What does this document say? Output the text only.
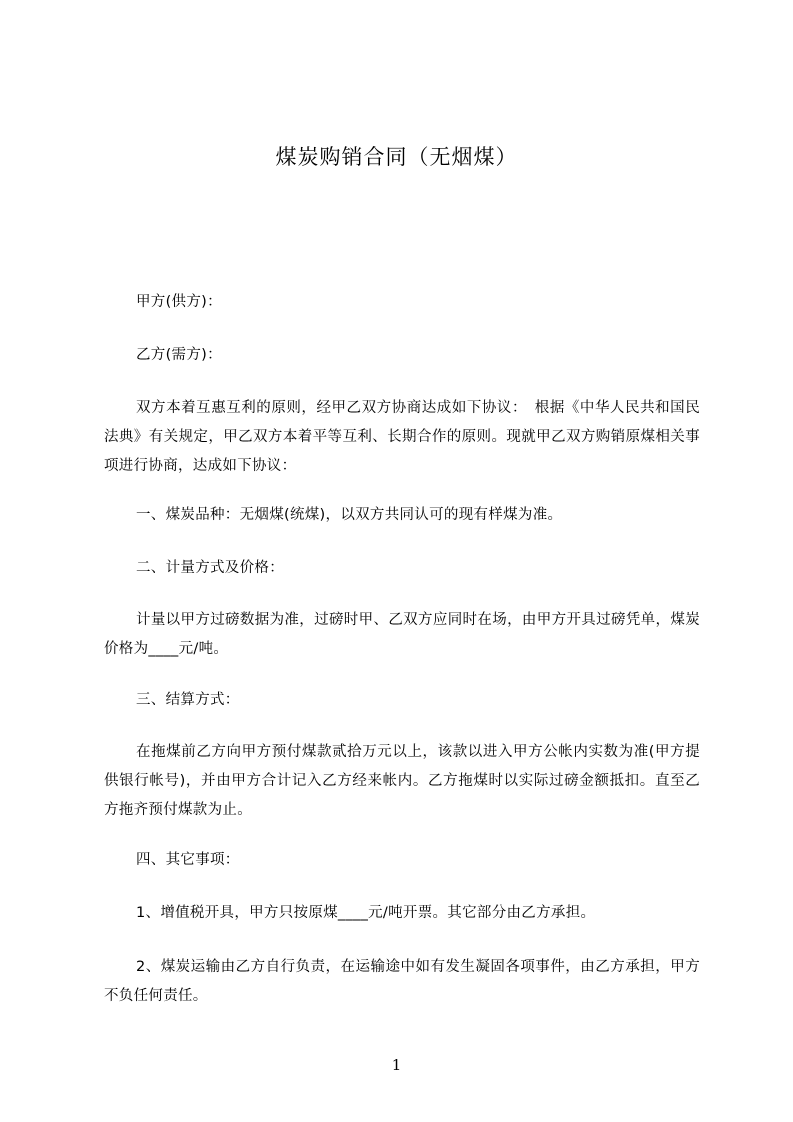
煤炭购销合同（无烟煤）
甲方(供方)：
乙方(需方)：
双方本着互惠互利的原则，经甲乙双方协商达成如下协议：　根据《中华人民共和国民法典》有关规定，甲乙双方本着平等互利、长期合作的原则。现就甲乙双方购销原煤相关事项进行协商，达成如下协议：
一、煤炭品种：无烟煤(统煤)，以双方共同认可的现有样煤为准。
二、计量方式及价格：
计量以甲方过磅数据为准，过磅时甲、乙双方应同时在场，由甲方开具过磅凭单，煤炭价格为____元/吨。
三、结算方式：
在拖煤前乙方向甲方预付煤款贰拾万元以上，该款以进入甲方公帐内实数为准(甲方提供银行帐号)，并由甲方合计记入乙方经来帐内。乙方拖煤时以实际过磅金额抵扣。直至乙方拖齐预付煤款为止。
四、其它事项：
1、增值税开具，甲方只按原煤____元/吨开票。其它部分由乙方承担。
2、煤炭运输由乙方自行负责，在运输途中如有发生凝固各项事件，由乙方承担，甲方不负任何责任。
1
